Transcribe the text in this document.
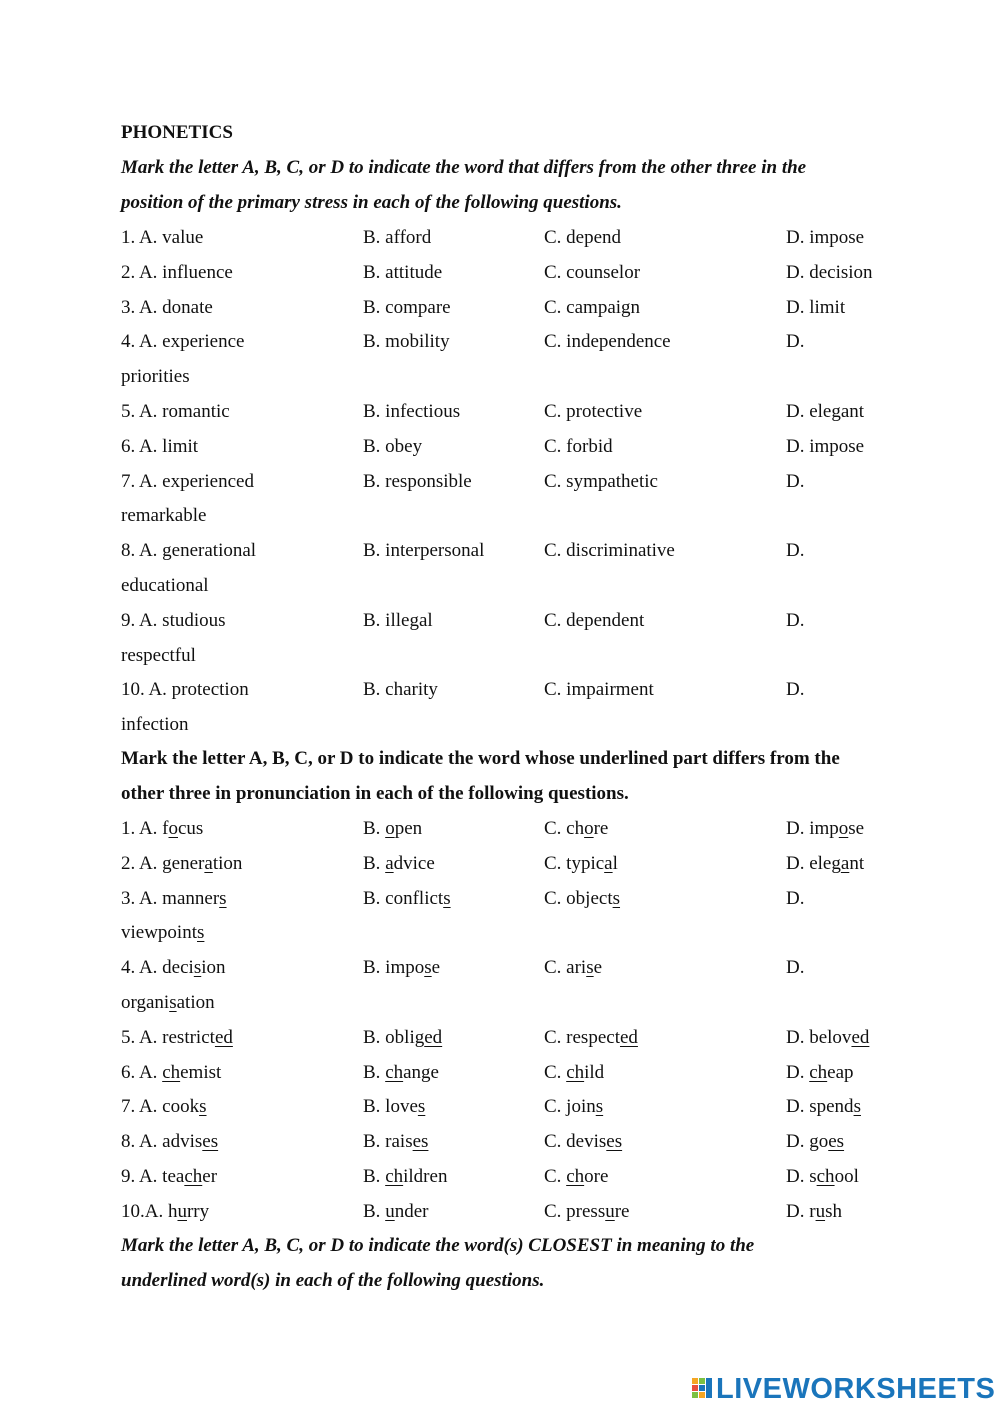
PHONETICS
Mark the letter A, B, C, or D to indicate the word that differs from the other three in the
position of the primary stress in each of the following questions.
1. A. value	B. afford	C. depend	D. impose
2. A. influence	B. attitude	C. counselor	D. decision
3. A. donate	B. compare	C. campaign	D. limit
4. A. experience	B. mobility	C. independence	D.
priorities
5. A. romantic	B. infectious	C. protective	D. elegant
6. A. limit	B. obey	C. forbid	D. impose
7. A. experienced	B. responsible	C. sympathetic	D.
remarkable
8. A. generational	B. interpersonal	C. discriminative	D.
educational
9. A. studious	B. illegal	C. dependent	D.
respectful
10. A. protection	B. charity	C. impairment	D.
infection
Mark the letter A, B, C, or D to indicate the word whose underlined part differs from the
other three in pronunciation in each of the following questions.
1. A. focus	B. open	C. chore	D. impose
2. A. generation	B. advice	C. typical	D. elegant
3. A. manners	B. conflicts	C. objects	D.
viewpoints
4. A. decision	B. impose	C. arise	D.
organisation
5. A. restricted	B. obliged	C. respected	D. beloved
6. A. chemist	B. change	C. child	D. cheap
7. A. cooks	B. loves	C. joins	D. spends
8. A. advises	B. raises	C. devises	D. goes
9. A. teacher	B. children	C. chore	D. school
10.A. hurry	B. under	C. pressure	D. rush
Mark the letter A, B, C, or D to indicate the word(s) CLOSEST in meaning to the
underlined word(s) in each of the following questions.
LIVEWORKSHEETS
